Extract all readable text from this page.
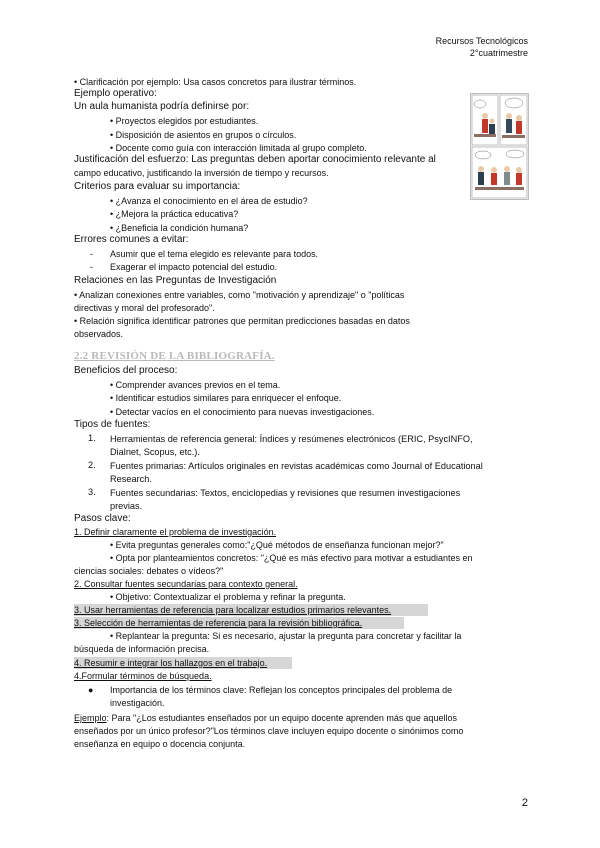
Recursos Tecnológicos
2°cuatrimestre
• Clarificación por ejemplo: Usa casos concretos para ilustrar términos.
Ejemplo operativo:
Un aula humanista podría definirse por:
• Proyectos elegidos por estudiantes.
• Disposición de asientos en grupos o círculos.
• Docente como guía con interacción limitada al grupo completo.
Justificación del esfuerzo: Las preguntas deben aportar conocimiento relevante al
campo educativo, justificando la inversión de tiempo y recursos.
Criterios para evaluar su importancia:
• ¿Avanza el conocimiento en el área de estudio?
• ¿Mejora la práctica educativa?
• ¿Beneficia la condición humana?
Errores comunes a evitar:
-	Asumir que el tema elegido es relevante para todos.
-	Exagerar el impacto potencial del estudio.
Relaciones en las Preguntas de Investigación
• Analizan conexiones entre variables, como "motivación y aprendizaje" o "políticas
directivas y moral del profesorado".
• Relación significa identificar patrones que permitan predicciones basadas en datos
observados.
2.2 REVISIÓN DE LA BIBLIOGRAFÍA.
Beneficios del proceso:
• Comprender avances previos en el tema.
• Identificar estudios similares para enriquecer el enfoque.
• Detectar vacíos en el conocimiento para nuevas investigaciones.
Tipos de fuentes:
1. Herramientas de referencia general: Índices y resúmenes electrónicos (ERIC, PsycINFO,
Dialnet, Scopus, etc.).
2. Fuentes primarias: Artículos originales en revistas académicas como Journal of Educational
Research.
3. Fuentes secundarias: Textos, enciclopedias y revisiones que resumen investigaciones
previas.
Pasos clave:
1. Definir claramente el problema de investigación.
• Evita preguntas generales como:"¿Qué métodos de enseñanza funcionan mejor?"
• Opta por planteamientos concretos: "¿Qué es más efectivo para motivar a estudiantes en
ciencias sociales: debates o vídeos?"
2. Consultar fuentes secundarias para contexto general.
• Objetivo: Contextualizar el problema y refinar la pregunta.
3. Usar herramientas de referencia para localizar estudios primarios relevantes.
3. Selección de herramientas de referencia para la revisión bibliográfica.
• Replantear la pregunta: Si es necesario, ajustar la pregunta para concretar y facilitar la
búsqueda de información precisa.
4. Resumir e integrar los hallazgos en el trabajo.
4.Formular términos de búsqueda.
●	Importancia de los términos clave: Reflejan los conceptos principales del problema de
investigación.
Ejemplo: Para "¿Los estudiantes enseñados por un equipo docente aprenden más que aquellos
enseñados por un único profesor?"Los términos clave incluyen equipo docente o sinónimos como
enseñanza en equipo o docencia conjunta.
2
